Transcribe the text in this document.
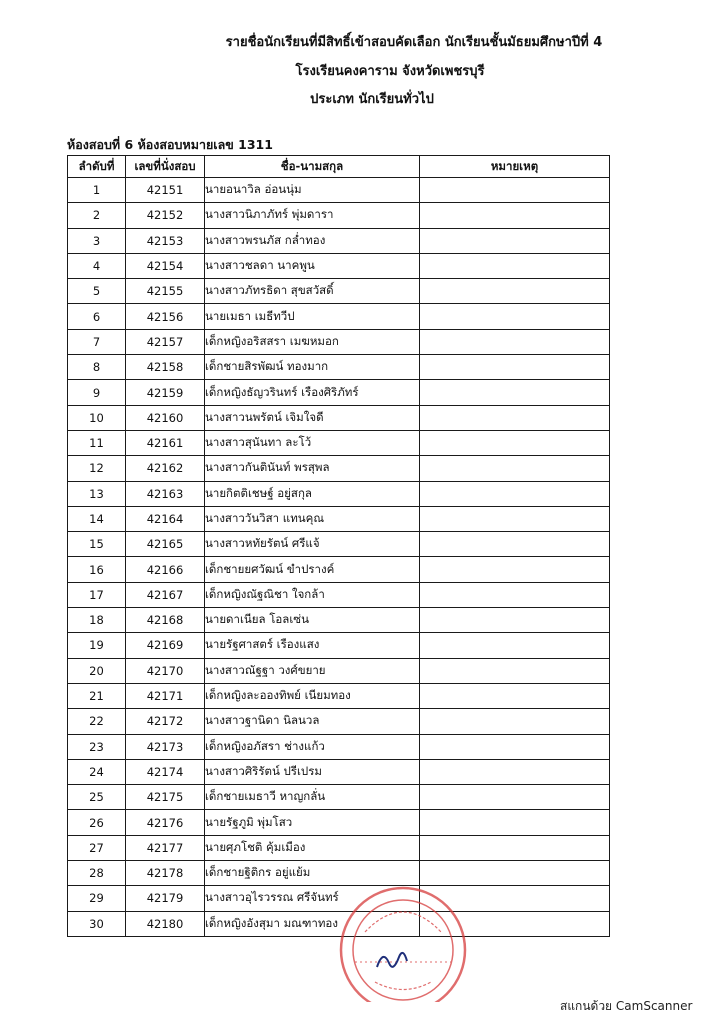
รายชื่อนักเรียนที่มีสิทธิ์เข้าสอบคัดเลือก นักเรียนชั้นมัธยมศึกษาปีที่ 4

โรงเรียนคงคาราม จังหวัดเพชรบุรี

ประเภท นักเรียนทั่วไป

ห้องสอบที่ 6 ห้องสอบหมายเลข 1311
ลำดับที่	เลขที่นั่งสอบ	ชื่อ-นามสกุล	หมายเหตุ
1	42151	นายอนาวิล อ่อนนุ่ม	
2	42152	นางสาวนิภาภัทร์ พุ่มดารา	
3	42153	นางสาวพรนภัส กล่ำทอง	
4	42154	นางสาวชลดา นาคพูน	
5	42155	นางสาวภัทรธิดา สุขสวัสดิ์	
6	42156	นายเมธา เมธีทวีป	
7	42157	เด็กหญิงอริสสรา เมฆหมอก	
8	42158	เด็กชายสิรพัฒน์ ทองมาก	
9	42159	เด็กหญิงธัญวรินทร์ เรืองศิริภัทร์	
10	42160	นางสาวนพรัตน์ เจิมใจดี	
11	42161	นางสาวสุนันทา ละโว้	
12	42162	นางสาวกันตินันท์ พรสุพล	
13	42163	นายกิตติเชษฐ์ อยู่สกุล	
14	42164	นางสาววันวิสา แทนคุณ	
15	42165	นางสาวหทัยรัตน์ ศรีแจ้	
16	42166	เด็กชายยศวัฒน์ ขำปรางค์	
17	42167	เด็กหญิงณัฐณิชา ใจกล้า	
18	42168	นายดาเนียล โอลเซ่น	
19	42169	นายรัฐศาสตร์ เรืองแสง	
20	42170	นางสาวณัฐฐา วงศ์ขยาย	
21	42171	เด็กหญิงละอองทิพย์ เนียมทอง	
22	42172	นางสาวฐานิดา นิลนวล	
23	42173	เด็กหญิงอภัสรา ช่างแก้ว	
24	42174	นางสาวศิริรัตน์ ปรีเปรม	
25	42175	เด็กชายเมธาวี หาญกลั่น	
26	42176	นายรัฐภูมิ พุ่มโสว	
27	42177	นายศุภโชติ คุ้มเมือง	
28	42178	เด็กชายฐิติกร อยู่แย้ม	
29	42179	นางสาวอุไรวรรณ ศรีจันทร์	
30	42180	เด็กหญิงอังสุมา มณฑาทอง	
สแกนด้วย CamScanner
